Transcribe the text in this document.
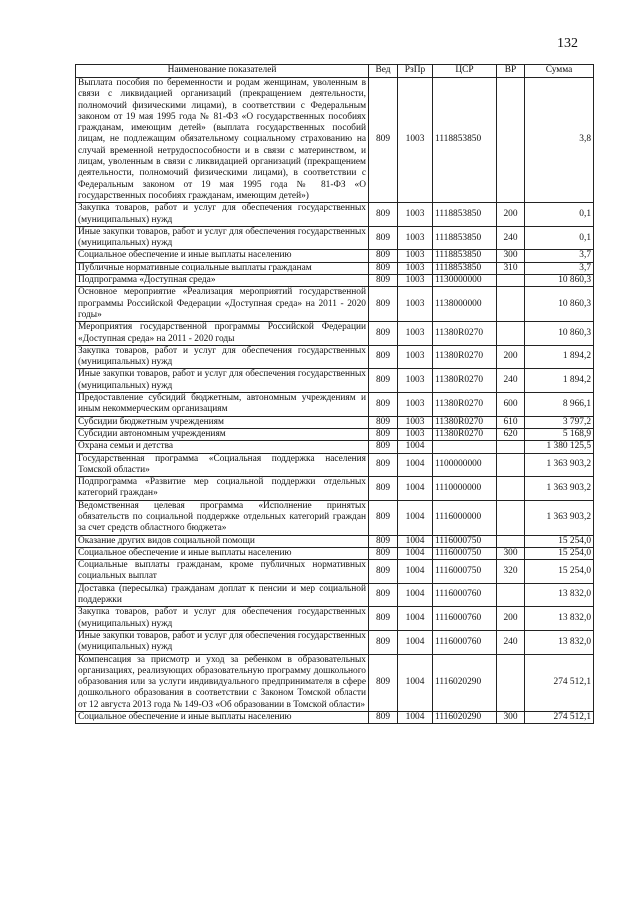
132
Наименование показателей	Вед	РзПр	ЦСР	ВР	Сумма
Выплата пособия по беременности и родам женщинам, уволенным в связи с ликвидацией организаций (прекращением деятельности, полномочий физическими лицами), в соответствии с Федеральным законом от 19 мая 1995 года № 81-ФЗ «О государственных пособиях гражданам, имеющим детей» (выплата государственных пособий лицам, не подлежащим обязательному социальному страхованию на случай временной нетрудоспособности и в связи с материнством, и лицам, уволенным в связи с ликвидацией организаций (прекращением деятельности, полномочий физическими лицами), в соответствии с Федеральным законом от 19 мая 1995 года № 81-ФЗ «О государственных пособиях гражданам, имеющим детей»)	809	1003	1118853850		3,8
Закупка товаров, работ и услуг для обеспечения государственных (муниципальных) нужд	809	1003	1118853850	200	0,1
Иные закупки товаров, работ и услуг для обеспечения государственных (муниципальных) нужд	809	1003	1118853850	240	0,1
Социальное обеспечение и иные выплаты населению	809	1003	1118853850	300	3,7
Публичные нормативные социальные выплаты гражданам	809	1003	1118853850	310	3,7
Подпрограмма «Доступная среда»	809	1003	1130000000		10 860,3
Основное мероприятие «Реализация мероприятий государственной программы Российской Федерации «Доступная среда» на 2011 - 2020 годы»	809	1003	1138000000		10 860,3
Мероприятия государственной программы Российской Федерации «Доступная среда» на 2011 - 2020 годы	809	1003	11380R0270		10 860,3
Закупка товаров, работ и услуг для обеспечения государственных (муниципальных) нужд	809	1003	11380R0270	200	1 894,2
Иные закупки товаров, работ и услуг для обеспечения государственных (муниципальных) нужд	809	1003	11380R0270	240	1 894,2
Предоставление субсидий бюджетным, автономным учреждениям и иным некоммерческим организациям	809	1003	11380R0270	600	8 966,1
Субсидии бюджетным учреждениям	809	1003	11380R0270	610	3 797,2
Субсидии автономным учреждениям	809	1003	11380R0270	620	5 168,9
Охрана семьи и детства	809	1004			1 380 125,5
Государственная программа «Социальная поддержка населения Томской области»	809	1004	1100000000		1 363 903,2
Подпрограмма «Развитие мер социальной поддержки отдельных категорий граждан»	809	1004	1110000000		1 363 903,2
Ведомственная целевая программа «Исполнение принятых обязательств по социальной поддержке отдельных категорий граждан за счет средств областного бюджета»	809	1004	1116000000		1 363 903,2
Оказание других видов социальной помощи	809	1004	1116000750		15 254,0
Социальное обеспечение и иные выплаты населению	809	1004	1116000750	300	15 254,0
Социальные выплаты гражданам, кроме публичных нормативных социальных выплат	809	1004	1116000750	320	15 254,0
Доставка (пересылка) гражданам доплат к пенсии и мер социальной поддержки	809	1004	1116000760		13 832,0
Закупка товаров, работ и услуг для обеспечения государственных (муниципальных) нужд	809	1004	1116000760	200	13 832,0
Иные закупки товаров, работ и услуг для обеспечения государственных (муниципальных) нужд	809	1004	1116000760	240	13 832,0
Компенсация за присмотр и уход за ребенком в образовательных организациях, реализующих образовательную программу дошкольного образования или за услуги индивидуального предпринимателя в сфере дошкольного образования в соответствии с Законом Томской области от 12 августа 2013 года № 149-ОЗ «Об образовании в Томской области»	809	1004	1116020290		274 512,1
Социальное обеспечение и иные выплаты населению	809	1004	1116020290	300	274 512,1
